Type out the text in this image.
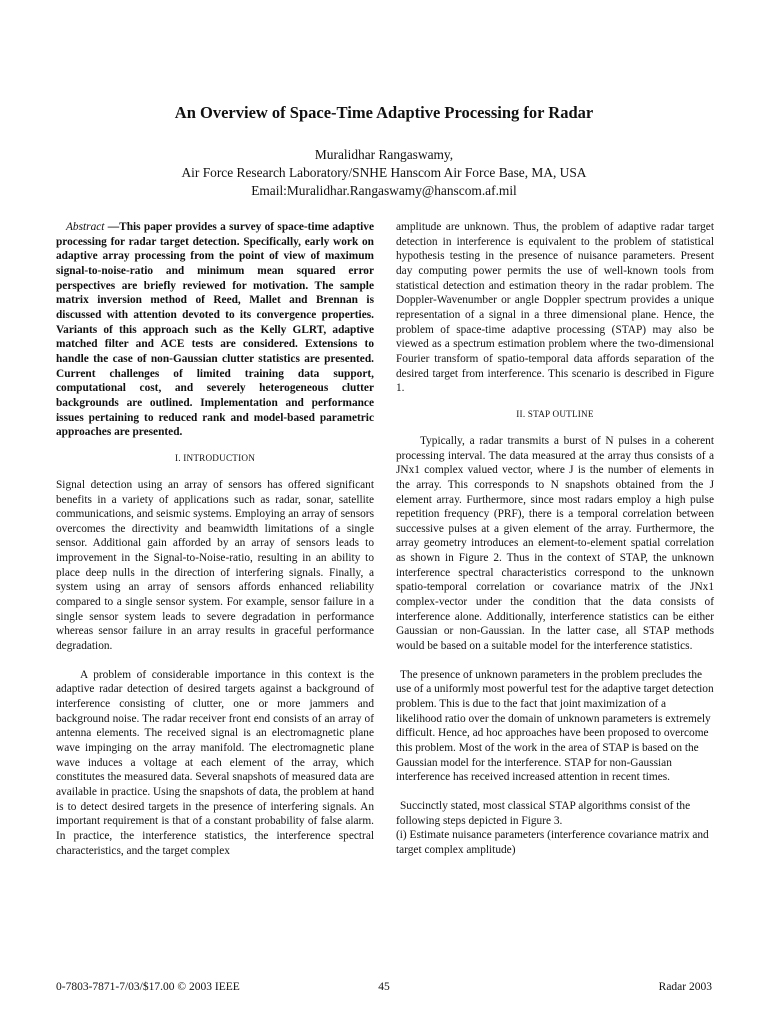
An Overview of Space-Time Adaptive Processing for Radar
Muralidhar Rangaswamy,
Air Force Research Laboratory/SNHE Hanscom Air Force Base, MA, USA
Email:Muralidhar.Rangaswamy@hanscom.af.mil

Abstract —This paper provides a survey of space-time adaptive processing for radar target detection. Specifically, early work on adaptive array processing from the point of view of maximum signal-to-noise-ratio and minimum mean squared error perspectives are briefly reviewed for motivation. The sample matrix inversion method of Reed, Mallet and Brennan is discussed with attention devoted to its convergence properties. Variants of this approach such as the Kelly GLRT, adaptive matched filter and ACE tests are considered. Extensions to handle the case of non-Gaussian clutter statistics are presented. Current challenges of limited training data support, computational cost, and severely heterogeneous clutter backgrounds are outlined. Implementation and performance issues pertaining to reduced rank and model-based parametric approaches are presented.

I. INTRODUCTION

Signal detection using an array of sensors has offered significant benefits in a variety of applications such as radar, sonar, satellite communications, and seismic systems. Employing an array of sensors overcomes the directivity and beamwidth limitations of a single sensor. Additional gain afforded by an array of sensors leads to improvement in the Signal-to-Noise-ratio, resulting in an ability to place deep nulls in the direction of interfering signals. Finally, a system using an array of sensors affords enhanced reliability compared to a single sensor system. For example, sensor failure in a single sensor system leads to severe degradation in performance whereas sensor failure in an array results in graceful performance degradation.

A problem of considerable importance in this context is the adaptive radar detection of desired targets against a background of interference consisting of clutter, one or more jammers and background noise. The radar receiver front end consists of an array of antenna elements. The received signal is an electromagnetic plane wave impinging on the array manifold. The electromagnetic plane wave induces a voltage at each element of the array, which constitutes the measured data. Several snapshots of measured data are available in practice. Using the snapshots of data, the problem at hand is to detect desired targets in the presence of interfering signals. An important requirement is that of a constant probability of false alarm. In practice, the interference statistics, the interference spectral characteristics, and the target complex

amplitude are unknown. Thus, the problem of adaptive radar target detection in interference is equivalent to the problem of statistical hypothesis testing in the presence of nuisance parameters. Present day computing power permits the use of well-known tools from statistical detection and estimation theory in the radar problem. The Doppler-Wavenumber or angle Doppler spectrum provides a unique representation of a signal in a three dimensional plane. Hence, the problem of space-time adaptive processing (STAP) may also be viewed as a spectrum estimation problem where the two-dimensional Fourier transform of spatio-temporal data affords separation of the desired target from interference. This scenario is described in Figure 1.

II. STAP OUTLINE

Typically, a radar transmits a burst of N pulses in a coherent processing interval. The data measured at the array thus consists of a JNx1 complex valued vector, where J is the number of elements in the array. This corresponds to N snapshots obtained from the J element array. Furthermore, since most radars employ a high pulse repetition frequency (PRF), there is a temporal correlation between successive pulses at a given element of the array. Furthermore, the array geometry introduces an element-to-element spatial correlation as shown in Figure 2. Thus in the context of STAP, the unknown interference spectral characteristics correspond to the unknown spatio-temporal correlation or covariance matrix of the JNx1 complex-vector under the condition that the data consists of interference alone. Additionally, interference statistics can be either Gaussian or non-Gaussian. In the latter case, all STAP methods would be based on a suitable model for the interference statistics.

The presence of unknown parameters in the problem precludes the use of a uniformly most powerful test for the adaptive target detection problem. This is due to the fact that joint maximization of a likelihood ratio over the domain of unknown parameters is extremely difficult. Hence, ad hoc approaches have been proposed to overcome this problem. Most of the work in the area of STAP is based on the Gaussian model for the interference. STAP for non-Gaussian interference has received increased attention in recent times.

Succinctly stated, most classical STAP algorithms consist of the following steps depicted in Figure 3.

(i) Estimate nuisance parameters (interference covariance matrix and target complex amplitude)

0-7803-7871-7/03/$17.00 © 2003 IEEE	45	Radar 2003
